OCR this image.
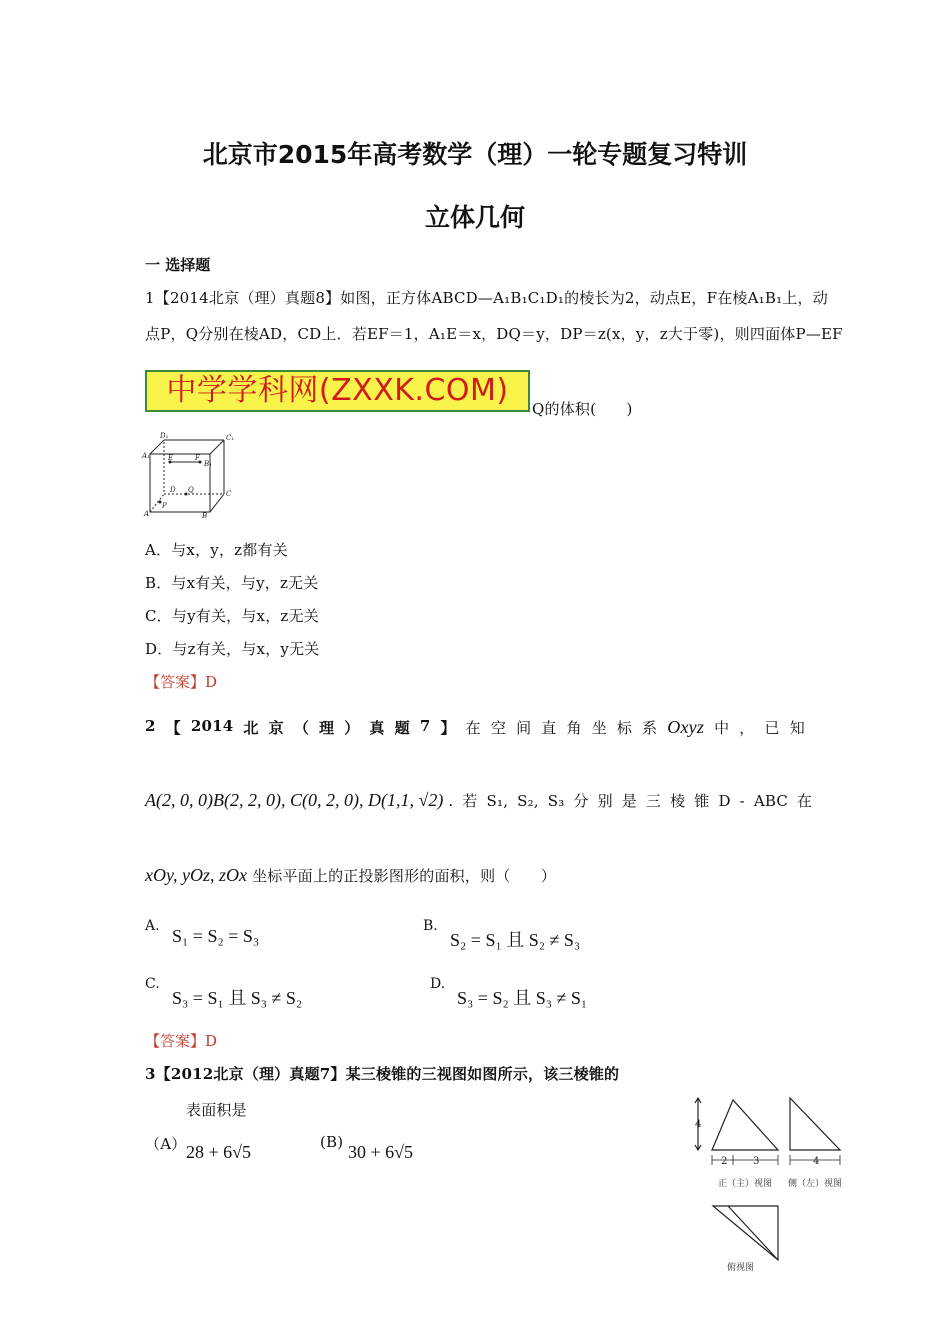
北京市2015年高考数学（理）一轮专题复习特训
立体几何
一 选择题
1【2014北京（理）真题8】如图，正方体ABCD—A₁B₁C₁D₁的棱长为2，动点E，F在棱A₁B₁上，动
点P，Q分别在棱AD，CD上．若EF＝1，A₁E＝x，DQ＝y，DP＝z(x，y，z大于零)，则四面体P—EF
中学学科网(ZXXK.COM)
Q的体积(　　)
D₁	C₁
A₁	E	F
B₁
D Q	C
A
P
B
A．与x，y，z都有关
B．与x有关，与y，z无关
C．与y有关，与x，z无关
D．与z有关，与x，y无关
【答案】D
2 【 2014 北 京 （ 理 ） 真 题 7 】 在 空 间 直 角 坐 标 系 Oxyz 中 ， 已 知
A(2, 0, 0)B(2, 2, 0), C(0, 2, 0), D(1,1, √2) . 若 S₁, S₂, S₃ 分 别 是 三 棱 锥 D - ABC 在
xOy, yOz, zOx 坐标平面上的正投影图形的面积，则（　　）
A. S₁ = S₂ = S₃	B.
S₂ = S₁ 且 S₂ ≠ S₃
C.
S₃ = S₁ 且 S₃ ≠ S₂
D.
S₃ = S₂ 且 S₃ ≠ S₁
【答案】D
3【2012北京（理）真题7】某三棱锥的三视图如图所示，该三棱锥的
表面积是
（A） 28 + 6√5	(B) 30 + 6√5
4
2	3	4
正（主）视图 侧（左）视图
俯视图
